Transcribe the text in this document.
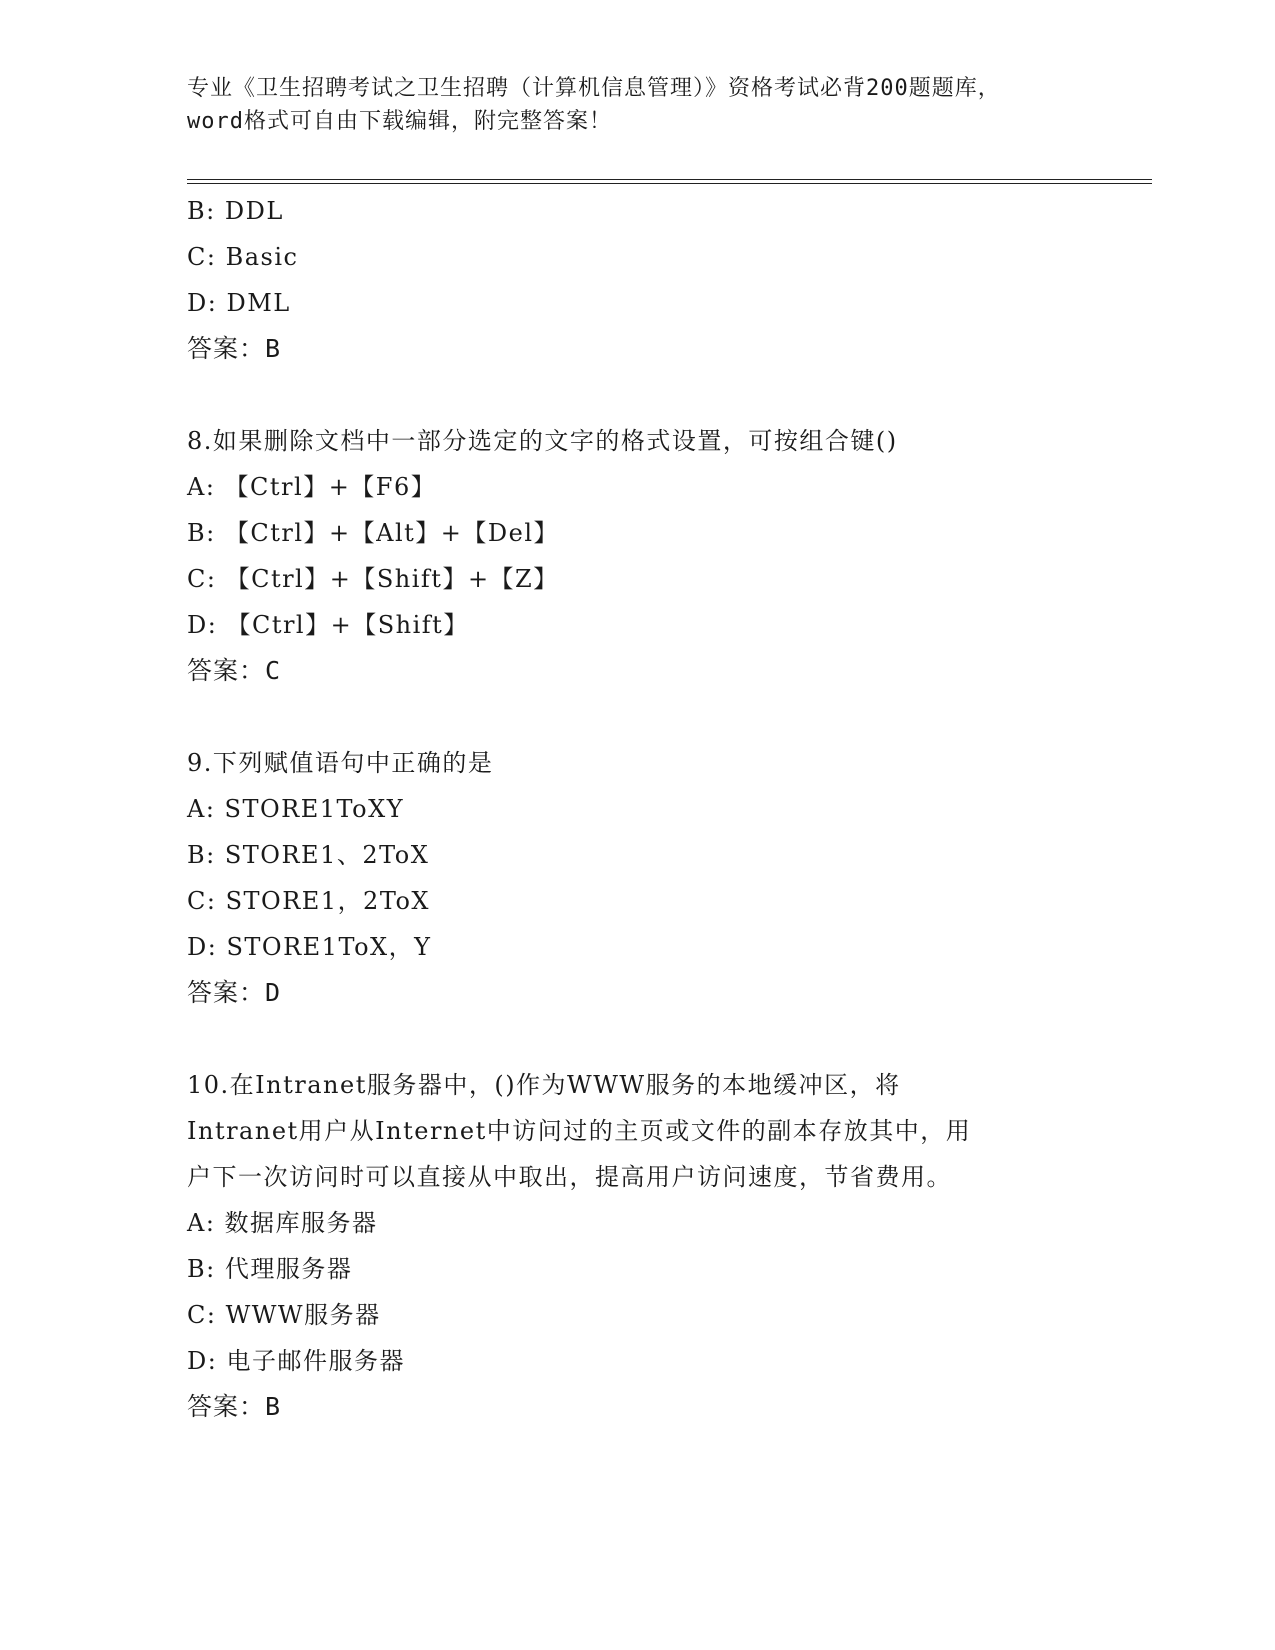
专业《卫生招聘考试之卫生招聘（计算机信息管理）》资格考试必背200题题库，
word格式可自由下载编辑，附完整答案！
B: DDL
C: Basic
D: DML
答案：B
8.如果删除文档中一部分选定的文字的格式设置，可按组合键()
A: 【Ctrl】+【F6】
B: 【Ctrl】+【Alt】+【Del】
C: 【Ctrl】+【Shift】+【Z】
D: 【Ctrl】+【Shift】
答案：C
9.下列赋值语句中正确的是
A: STORE1ToXY
B: STORE1、2ToX
C: STORE1，2ToX
D: STORE1ToX，Y
答案：D
10.在Intranet服务器中，()作为WWW服务的本地缓冲区，将
Intranet用户从Internet中访问过的主页或文件的副本存放其中，用
户下一次访问时可以直接从中取出，提高用户访问速度，节省费用。
A: 数据库服务器
B: 代理服务器
C: WWW服务器
D: 电子邮件服务器
答案：B
